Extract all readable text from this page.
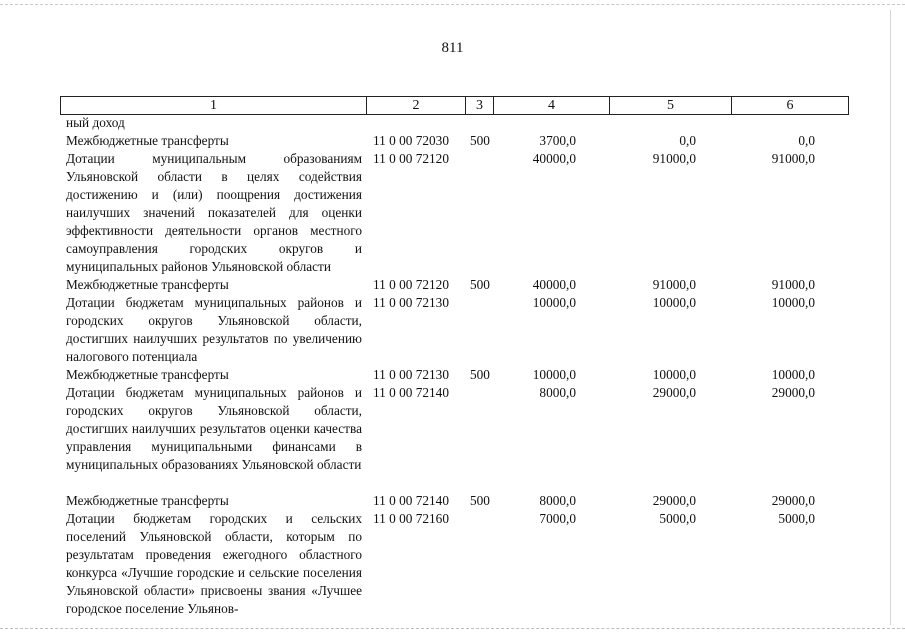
811
1	2	3	4	5	6
ный доход
Межбюджетные трансферты	11 0 00 72030 500	3700,0	0,0	0,0
Дотации муниципальным образованиям Ульяновской области в целях содействия достижению и (или) поощрения достижения наилучших значений показателей для оценки эффективности деятельности органов местного самоуправления городских округов и муниципальных районов Ульяновской области
11 0 00 72120	40000,0	91000,0	91000,0
Межбюджетные трансферты	11 0 00 72120 500	40000,0	91000,0	91000,0
Дотации бюджетам муниципальных районов и городских округов Ульяновской области, достигших наилучших результатов по увеличению налогового потенциала
11 0 00 72130	10000,0	10000,0	10000,0
Межбюджетные трансферты	11 0 00 72130 500	10000,0	10000,0	10000,0
Дотации бюджетам муниципальных районов и городских округов Ульяновской области, достигших наилучших результатов оценки качества управления муниципальными финансами в муниципальных образованиях Ульяновской области
11 0 00 72140	8000,0	29000,0	29000,0
Межбюджетные трансферты	11 0 00 72140 500	8000,0	29000,0	29000,0
Дотации бюджетам городских и сельских поселений Ульяновской области, которым по результатам проведения ежегодного областного конкурса «Лучшие городские и сельские поселения Ульяновской области» присвоены звания «Лучшее городское поселение Ульянов-
11 0 00 72160	7000,0	5000,0	5000,0
